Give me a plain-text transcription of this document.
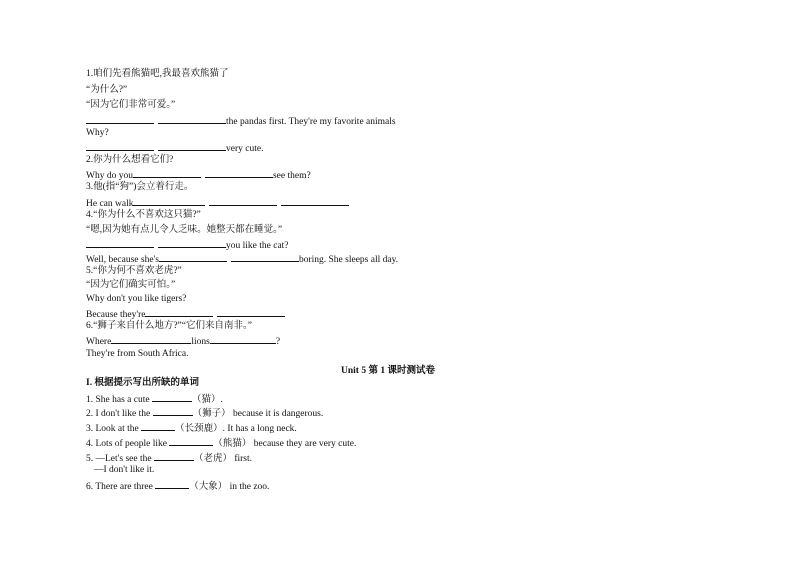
1.咱们先看熊猫吧,我最喜欢熊猫了
“为什么?”
“因为它们非常可爱。”
the pandas first. They're my favorite animals
Why?
very cute.
2.你为什么想看它们?
Why do you	see them?
3.他(指“狗”)会立着行走。
He can walk
4.“你为什么不喜欢这只猫?”
“嗯,因为她有点儿令人乏味。她整天都在睡觉。”
you like the cat?
Well, because she's	boring. She sleeps all day.
5.“你为何不喜欢老虎?”
“因为它们确实可怕。”
Why don't you like tigers?
Because they're
6.“狮子来自什么地方?”“它们来自南非。”
Where	lions	?
They're from South Africa.
Unit 5 第 1 课时测试卷
I. 根据提示写出所缺的单词
1. She has a cute	（猫）.
2. I don't like the	（狮子） because it is dangerous.
3. Look at the	（长颈鹿）. It has a long neck.
4. Lots of people like	（熊猫） because they are very cute.
5. —Let's see the	（老虎） first.
—I don't like it.
6. There are three	（大象） in the zoo.
